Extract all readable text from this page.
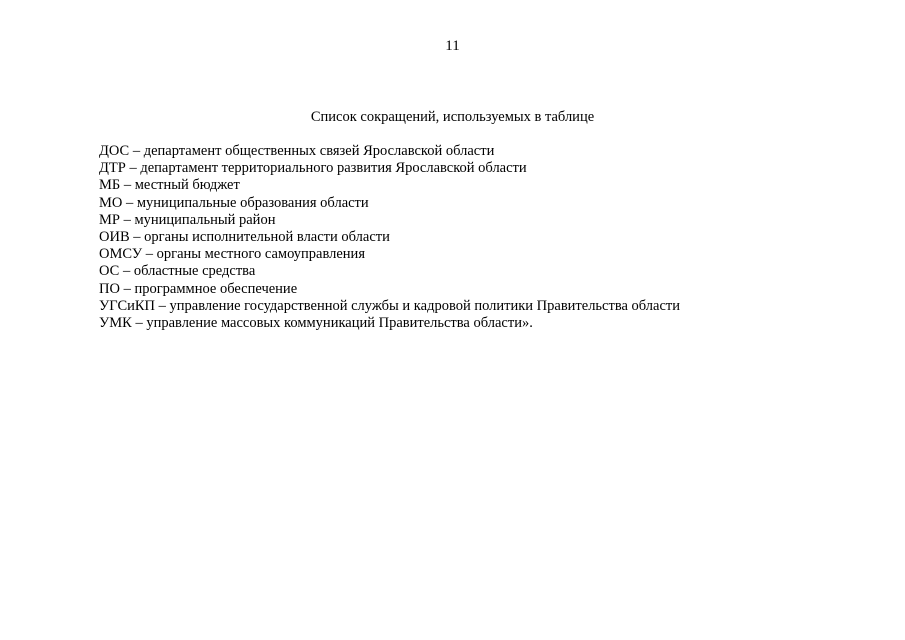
11
Список сокращений, используемых в таблице
ДОС – департамент общественных связей Ярославской области
ДТР – департамент территориального развития Ярославской области
МБ – местный бюджет
МО – муниципальные образования области
МР – муниципальный район
ОИВ – органы исполнительной власти области
ОМСУ – органы местного самоуправления
ОС – областные средства
ПО – программное обеспечение
УГСиКП – управление государственной службы и кадровой политики Правительства области
УМК – управление массовых коммуникаций Правительства области».
